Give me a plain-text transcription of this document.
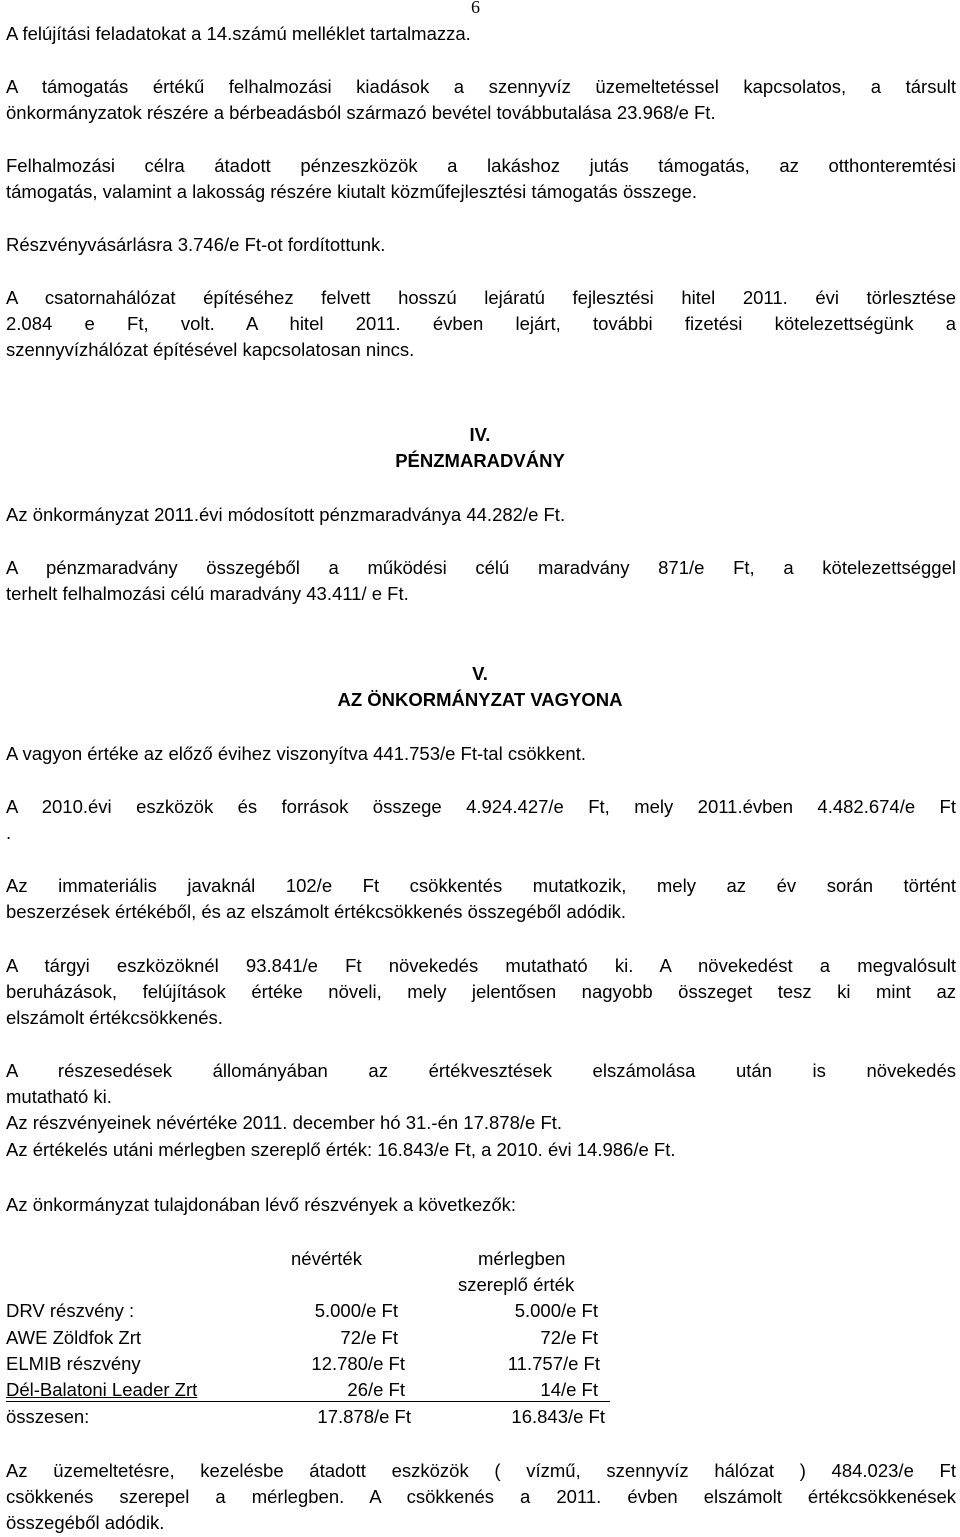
6
A felújítási feladatokat a 14.számú melléklet tartalmazza.
A támogatás értékű felhalmozási kiadások a szennyvíz üzemeltetéssel kapcsolatos, a társult
önkormányzatok részére a bérbeadásból származó bevétel továbbutalása 23.968/e Ft.
Felhalmozási célra átadott pénzeszközök a lakáshoz jutás támogatás, az otthonteremtési
támogatás, valamint a lakosság részére kiutalt közműfejlesztési támogatás összege.
Részvényvásárlásra 3.746/e Ft-ot fordítottunk.
A csatornahálózat építéséhez felvett hosszú lejáratú fejlesztési hitel 2011. évi törlesztése
2.084 e Ft, volt. A hitel 2011. évben lejárt, további fizetési kötelezettségünk a
szennyvízhálózat építésével kapcsolatosan nincs.
IV.
PÉNZMARADVÁNY
Az önkormányzat 2011.évi módosított pénzmaradványa 44.282/e Ft.
A pénzmaradvány összegéből a működési célú maradvány 871/e Ft, a kötelezettséggel
terhelt felhalmozási célú maradvány 43.411/ e Ft.
V.
AZ ÖNKORMÁNYZAT VAGYONA
A vagyon értéke az előző évihez viszonyítva 441.753/e Ft-tal csökkent.
A 2010.évi eszközök és források összege 4.924.427/e Ft, mely 2011.évben 4.482.674/e Ft
.
Az immateriális javaknál 102/e Ft csökkentés mutatkozik, mely az év során történt
beszerzések értékéből, és az elszámolt értékcsökkenés összegéből adódik.
A tárgyi eszközöknél 93.841/e Ft növekedés mutatható ki. A növekedést a megvalósult
beruházások, felújítások értéke növeli, mely jelentősen nagyobb összeget tesz ki mint az
elszámolt értékcsökkenés.
A részesedések állományában az értékvesztések elszámolása után is növekedés
mutatható ki.
Az részvényeinek névértéke 2011. december hó 31.-én 17.878/e Ft.
Az értékelés utáni mérlegben szereplő érték: 16.843/e Ft, a 2010. évi 14.986/e Ft.
Az önkormányzat tulajdonában lévő részvények a következők:
névérték	mérlegben
szereplő érték
DRV részvény :	5.000/e Ft	5.000/e Ft
AWE Zöldfok Zrt	72/e Ft	72/e Ft
ELMIB részvény	12.780/e Ft	11.757/e Ft
Dél-Balatoni Leader Zrt	26/e Ft	14/e Ft
összesen:	17.878/e Ft	16.843/e Ft
Az üzemeltetésre, kezelésbe átadott eszközök ( vízmű, szennyvíz hálózat ) 484.023/e Ft
csökkenés szerepel a mérlegben. A csökkenés a 2011. évben elszámolt értékcsökkenések
összegéből adódik.
